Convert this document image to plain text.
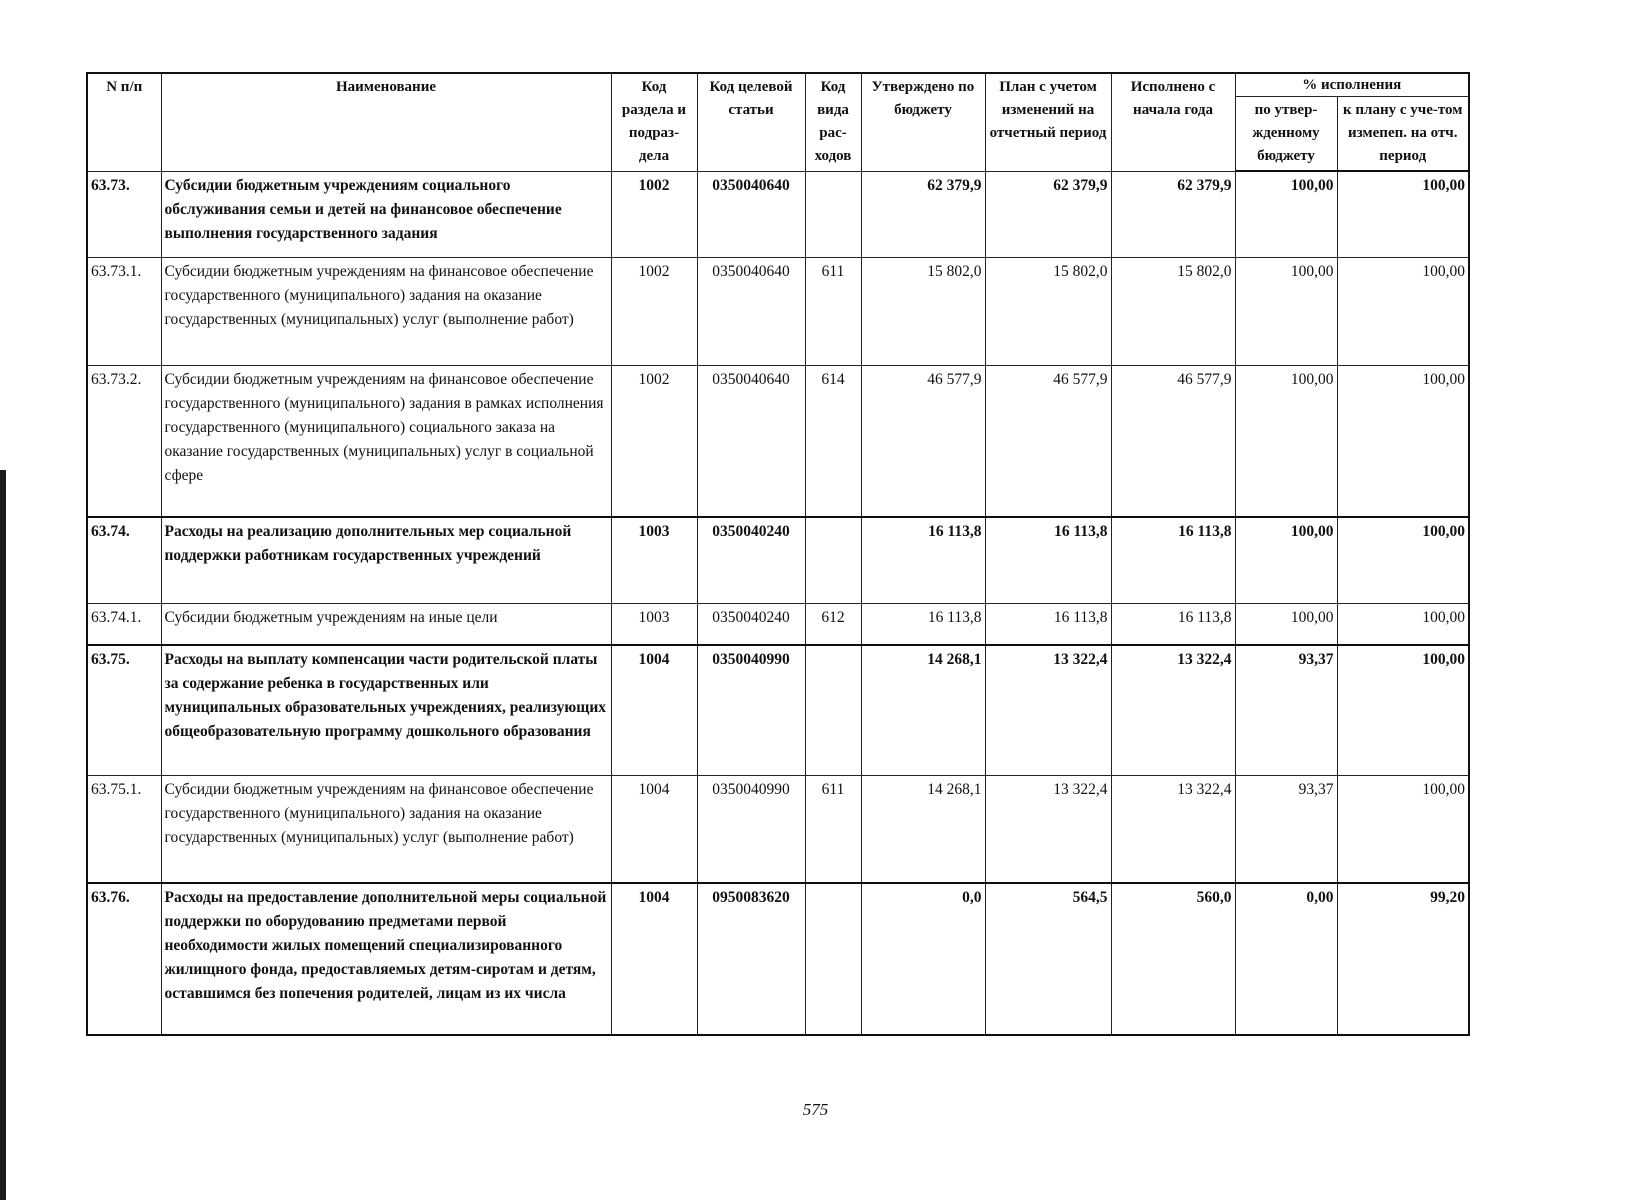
N п/п	Наименование	Код раздела и подраз-дела	Код целевой статьи	Код вида рас-ходов	Утверждено по бюджету	План с учетом изменений на отчетный период	Исполнено с начала года	% исполнения	
								по утвер-жденному бюджету	к плану с уче-том измепеп. на отч. период
63.73.	Субсидии бюджетным учреждениям социального обслуживания семьи и детей на финансовое обеспечение выполнения государственного задания	1002	0350040640		62 379,9	62 379,9	62 379,9	100,00	100,00
63.73.1.	Субсидии бюджетным учреждениям на финансовое обеспечение государственного (муниципального) задания на оказание государственных (муниципальных) услуг (выполнение работ)	1002	0350040640	611	15 802,0	15 802,0	15 802,0	100,00	100,00
63.73.2.	Субсидии бюджетным учреждениям на финансовое обеспечение государственного (муниципального) задания в рамках исполнения государственного (муниципального) социального заказа на оказание государственных (муниципальных) услуг в социальной сфере	1002	0350040640	614	46 577,9	46 577,9	46 577,9	100,00	100,00
63.74.	Расходы на реализацию дополнительных мер социальной поддержки работникам государственных учреждений	1003	0350040240		16 113,8	16 113,8	16 113,8	100,00	100,00
63.74.1.	Субсидии бюджетным учреждениям на иные цели	1003	0350040240	612	16 113,8	16 113,8	16 113,8	100,00	100,00
63.75.	Расходы на выплату компенсации части родительской платы за содержание ребенка в государственных или муниципальных образовательных учреждениях, реализующих общеобразовательную программу дошкольного образования	1004	0350040990		14 268,1	13 322,4	13 322,4	93,37	100,00
63.75.1.	Субсидии бюджетным учреждениям на финансовое обеспечение государственного (муниципального) задания на оказание государственных (муниципальных) услуг (выполнение работ)	1004	0350040990	611	14 268,1	13 322,4	13 322,4	93,37	100,00
63.76.	Расходы на предоставление дополнительной меры социальной поддержки по оборудованию предметами первой необходимости жилых помещений специализированного жилищного фонда, предоставляемых детям-сиротам и детям, оставшимся без попечения родителей, лицам из их числа	1004	0950083620		0,0	564,5	560,0	0,00	99,20
575
